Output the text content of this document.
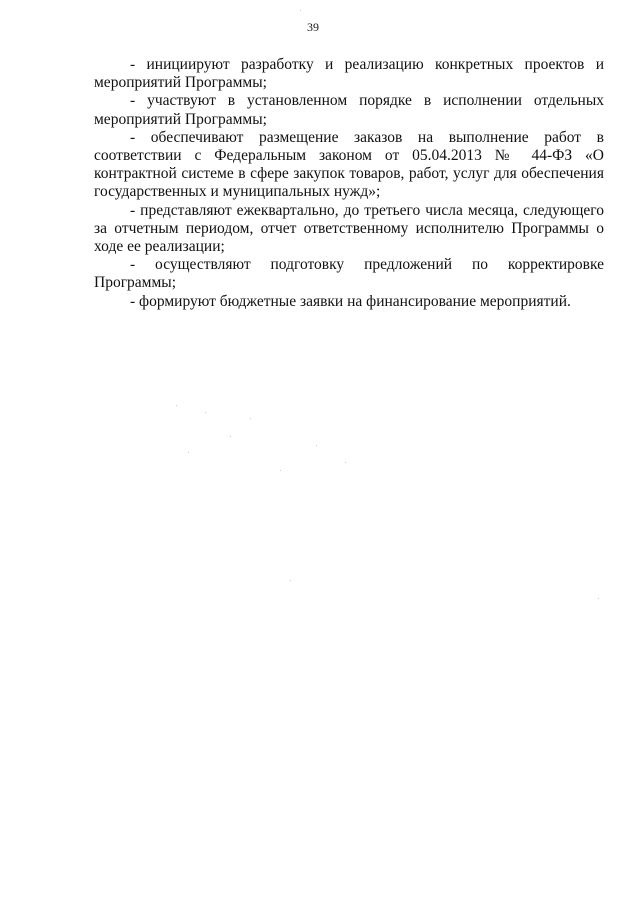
39

- инициируют разработку и реализацию конкретных проектов и мероприятий Программы;

- участвуют в установленном порядке в исполнении отдельных мероприятий Программы;

- обеспечивают размещение заказов на выполнение работ в соответствии с Федеральным законом от 05.04.2013 № 44-ФЗ «О контрактной системе в сфере закупок товаров, работ, услуг для обеспечения государственных и муниципальных нужд»;

- представляют ежеквартально, до третьего числа месяца, следующего за отчетным периодом, отчет ответственному исполнителю Программы о ходе ее реализации;

- осуществляют подготовку предложений по корректировке Программы;

- формируют бюджетные заявки на финансирование мероприятий.
